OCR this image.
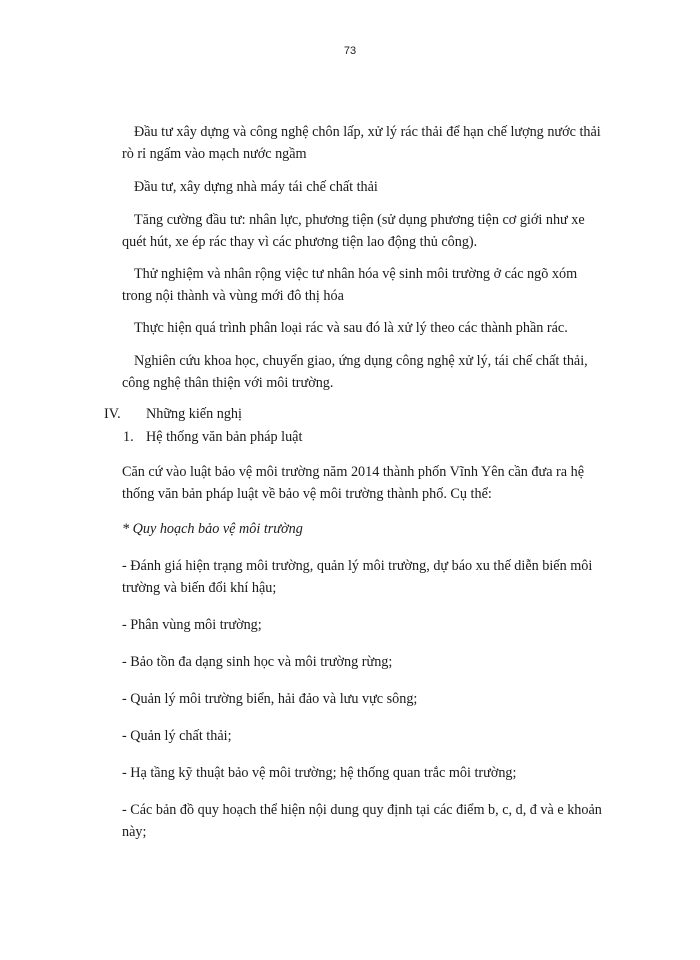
73
Đầu tư xây dựng và công nghệ chôn lấp, xử lý rác thải để hạn chế lượng nước thải
rò rỉ ngấm vào mạch nước ngầm
Đầu tư, xây dựng nhà máy tái chế chất thải
Tăng cường đầu tư: nhân lực, phương tiện (sử dụng phương tiện cơ giới như xe
quét hút, xe ép rác thay vì các phương tiện lao động thủ công).
Thử nghiệm và nhân rộng việc tư nhân hóa vệ sinh môi trường ở các ngõ xóm
trong nội thành và vùng mới đô thị hóa
Thực hiện quá trình phân loại rác và sau đó là xử lý theo các thành phần rác.
Nghiên cứu khoa học, chuyển giao, ứng dụng công nghệ xử lý, tái chế chất thải,
công nghệ thân thiện với môi trường.
IV. Những kiến nghị
1. Hệ thống văn bản pháp luật
Căn cứ vào luật bảo vệ môi trường năm 2014 thành phốn Vĩnh Yên cần đưa ra hệ
thống văn bản pháp luật về bảo vệ môi trường thành phố. Cụ thể:
* Quy hoạch bảo vệ môi trường
- Đánh giá hiện trạng môi trường, quản lý môi trường, dự báo xu thế diễn biến môi
trường và biến đổi khí hậu;
- Phân vùng môi trường;
- Bảo tồn đa dạng sinh học và môi trường rừng;
- Quản lý môi trường biển, hải đảo và lưu vực sông;
- Quản lý chất thải;
- Hạ tầng kỹ thuật bảo vệ môi trường; hệ thống quan trắc môi trường;
- Các bản đồ quy hoạch thể hiện nội dung quy định tại các điểm b, c, d, đ và e khoản
này;
